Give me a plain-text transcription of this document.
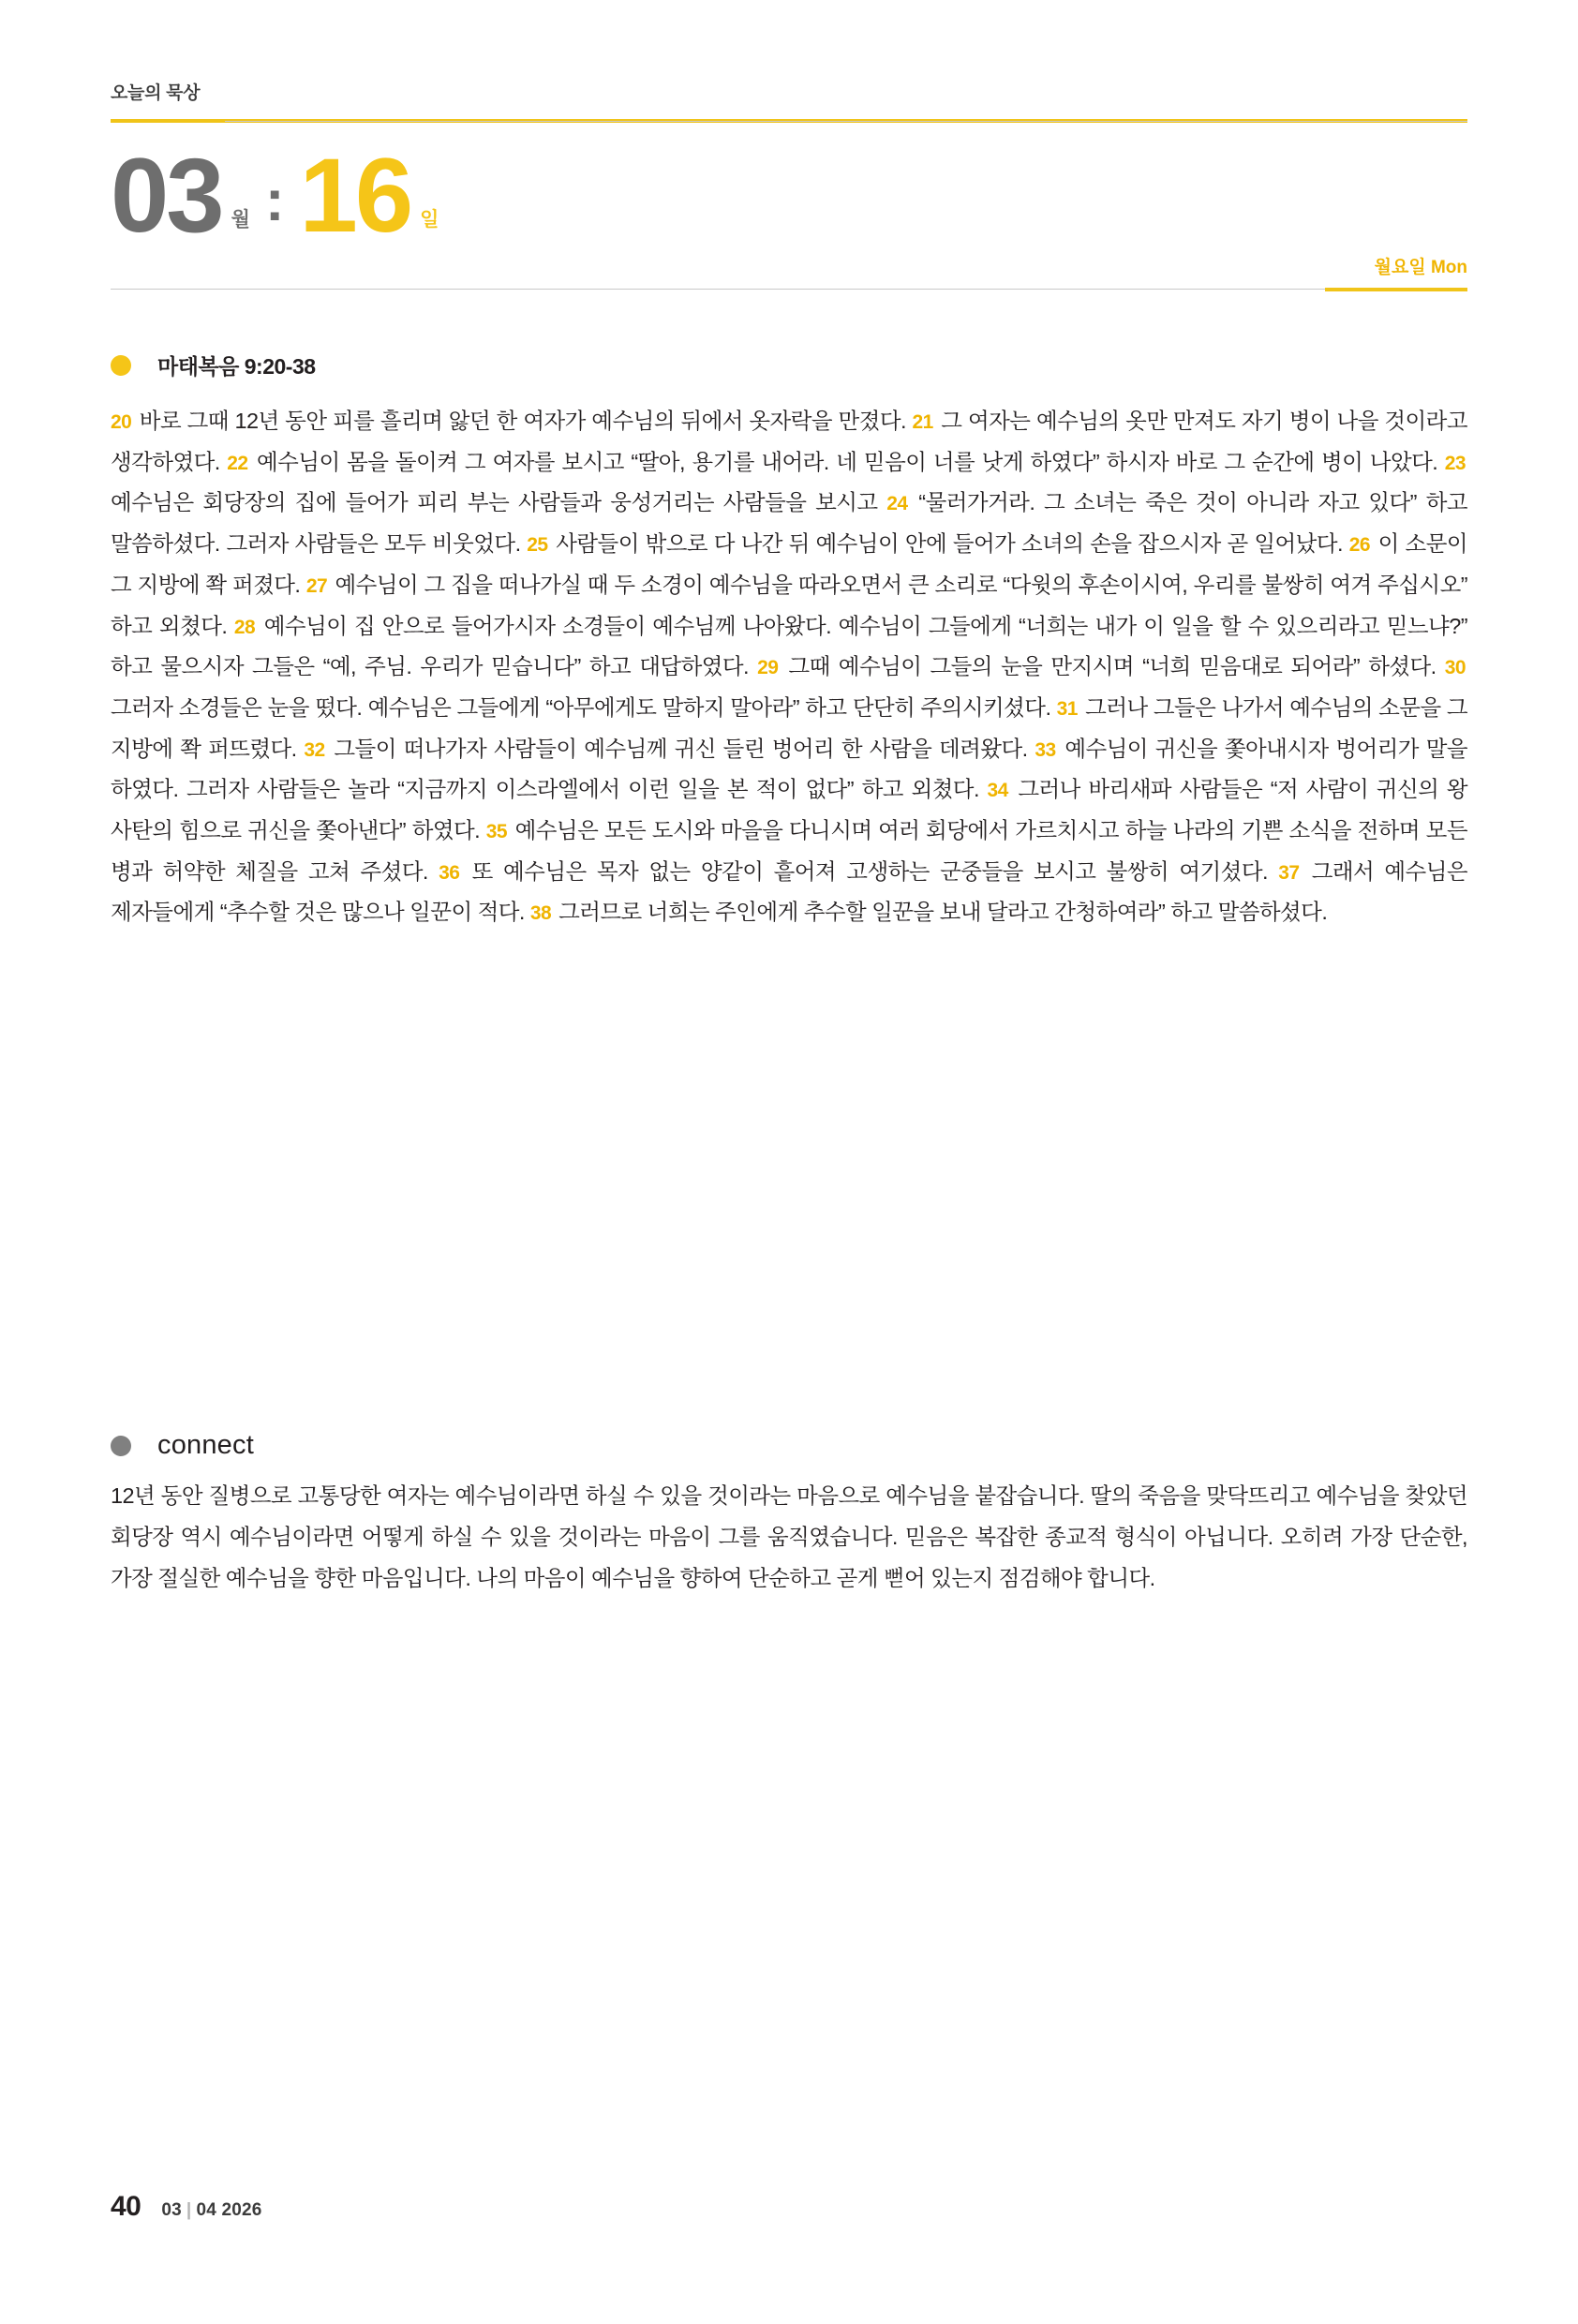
오늘의 묵상
03 월 : 16 일
월요일 Mon
마태복음 9:20-38
20 바로 그때 12년 동안 피를 흘리며 앓던 한 여자가 예수님의 뒤에서 옷자락을 만졌다. 21 그 여자는 예수님의 옷만 만져도 자기 병이 나을 것이라고 생각하였다. 22 예수님이 몸을 돌이켜 그 여자를 보시고 “딸아, 용기를 내어라. 네 믿음이 너를 낫게 하였다” 하시자 바로 그 순간에 병이 나았다. 23 예수님은 회당장의 집에 들어가 피리 부는 사람들과 웅성거리는 사람들을 보시고 24 “물러가거라. 그 소녀는 죽은 것이 아니라 자고 있다” 하고 말씀하셨다. 그러자 사람들은 모두 비웃었다. 25 사람들이 밖으로 다 나간 뒤 예수님이 안에 들어가 소녀의 손을 잡으시자 곧 일어났다. 26 이 소문이 그 지방에 쫙 퍼졌다. 27 예수님이 그 집을 떠나가실 때 두 소경이 예수님을 따라오면서 큰 소리로 “다윗의 후손이시여, 우리를 불쌍히 여겨 주십시오” 하고 외쳤다. 28 예수님이 집 안으로 들어가시자 소경들이 예수님께 나아왔다. 예수님이 그들에게 “너희는 내가 이 일을 할 수 있으리라고 믿느냐?” 하고 물으시자 그들은 “예, 주님. 우리가 믿습니다” 하고 대답하였다. 29 그때 예수님이 그들의 눈을 만지시며 “너희 믿음대로 되어라” 하셨다. 30 그러자 소경들은 눈을 떴다. 예수님은 그들에게 “아무에게도 말하지 말아라” 하고 단단히 주의시키셨다. 31 그러나 그들은 나가서 예수님의 소문을 그 지방에 쫙 퍼뜨렸다. 32 그들이 떠나가자 사람들이 예수님께 귀신 들린 벙어리 한 사람을 데려왔다. 33 예수님이 귀신을 쫓아내시자 벙어리가 말을 하였다. 그러자 사람들은 놀라 “지금까지 이스라엘에서 이런 일을 본 적이 없다” 하고 외쳤다. 34 그러나 바리새파 사람들은 “저 사람이 귀신의 왕 사탄의 힘으로 귀신을 쫓아낸다” 하였다. 35 예수님은 모든 도시와 마을을 다니시며 여러 회당에서 가르치시고 하늘 나라의 기쁜 소식을 전하며 모든 병과 허약한 체질을 고쳐 주셨다. 36 또 예수님은 목자 없는 양같이 흩어져 고생하는 군중들을 보시고 불쌍히 여기셨다. 37 그래서 예수님은 제자들에게 “추수할 것은 많으나 일꾼이 적다. 38 그러므로 너희는 주인에게 추수할 일꾼을 보내 달라고 간청하여라” 하고 말씀하셨다.
connect
12년 동안 질병으로 고통당한 여자는 예수님이라면 하실 수 있을 것이라는 마음으로 예수님을 붙잡습니다. 딸의 죽음을 맞닥뜨리고 예수님을 찾았던 회당장 역시 예수님이라면 어떻게 하실 수 있을 것이라는 마음이 그를 움직였습니다. 믿음은 복잡한 종교적 형식이 아닙니다. 오히려 가장 단순한, 가장 절실한 예수님을 향한 마음입니다. 나의 마음이 예수님을 향하여 단순하고 곧게 뻗어 있는지 점검해야 합니다.
40 03 | 04 2026
